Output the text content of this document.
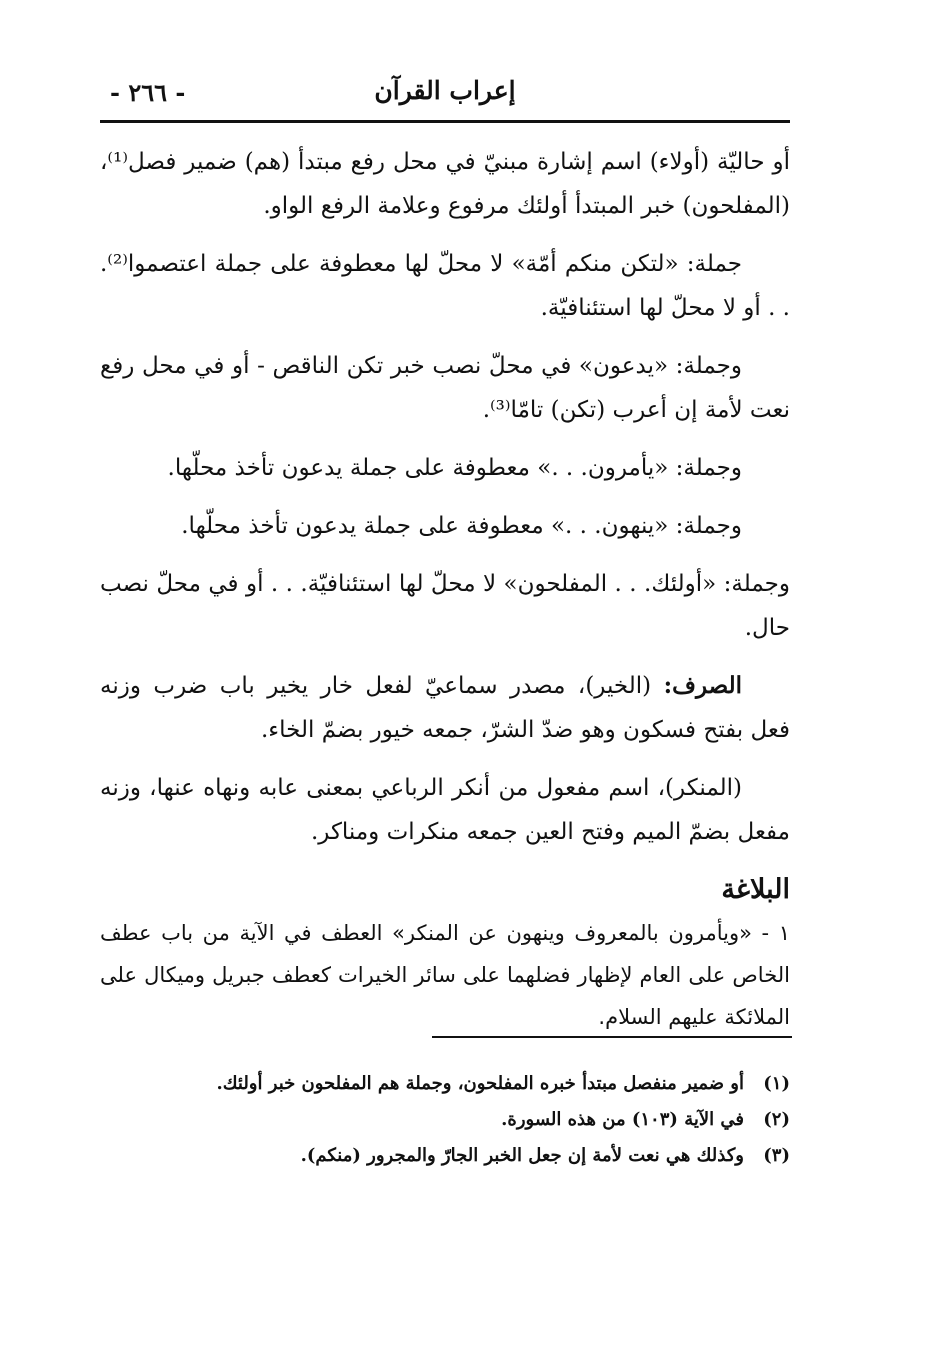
إعراب القرآن
- ٢٦٦ -

أو حاليّة (أولاء) اسم إشارة مبنيّ في محل رفع مبتدأ (هم) ضمير فصل⁽¹⁾، (المفلحون) خبر المبتدأ أولئك مرفوع وعلامة الرفع الواو.

جملة: «لتكن منكم أمّة» لا محلّ لها معطوفة على جملة اعتصموا⁽²⁾. . . أو لا محلّ لها استئنافيّة.

وجملة: «يدعون» في محلّ نصب خبر تكن الناقص - أو في محل رفع نعت لأمة إن أعرب (تكن) تامّا⁽³⁾.

وجملة: «يأمرون. . .» معطوفة على جملة يدعون تأخذ محلّها.

وجملة: «ينهون. . .» معطوفة على جملة يدعون تأخذ محلّها.

وجملة: «أولئك. . . المفلحون» لا محلّ لها استئنافيّة. . . أو في محلّ نصب حال.

الصرف: (الخير)، مصدر سماعيّ لفعل خار يخير باب ضرب وزنه فعل بفتح فسكون وهو ضدّ الشرّ، جمعه خيور بضمّ الخاء.

(المنكر)، اسم مفعول من أنكر الرباعي بمعنى عابه ونهاه عنها، وزنه مفعل بضمّ الميم وفتح العين جمعه منكرات ومناكر.

البلاغة

١ - «ويأمرون بالمعروف وينهون عن المنكر» العطف في الآية من باب عطف الخاص على العام لإظهار فضلهما على سائر الخيرات كعطف جبريل وميكال على الملائكة عليهم السلام.

(١)أو ضمير منفصل مبتدأ خبره المفلحون، وجملة هم المفلحون خبر أولئك.
(٢)في الآية (١٠٣) من هذه السورة.
(٣)وكذلك هي نعت لأمة إن جعل الخبر الجارّ والمجرور (منكم).
